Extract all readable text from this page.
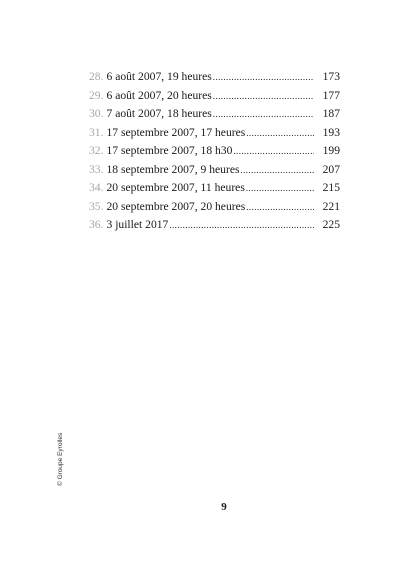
28. 6 août 2007, 19 heures .....	173
29. 6 août 2007, 20 heures .....	177
30. 7 août 2007, 18 heures .....	187
31. 17 septembre 2007, 17 heures .....	193
32. 17 septembre 2007, 18 h30 .....	199
33. 18 septembre 2007, 9 heures .....	207
34. 20 septembre 2007, 11 heures .....	215
35. 20 septembre 2007, 20 heures .....	221
36. 3 juillet 2017 .....	225
© Groupe Eyrolles
9
